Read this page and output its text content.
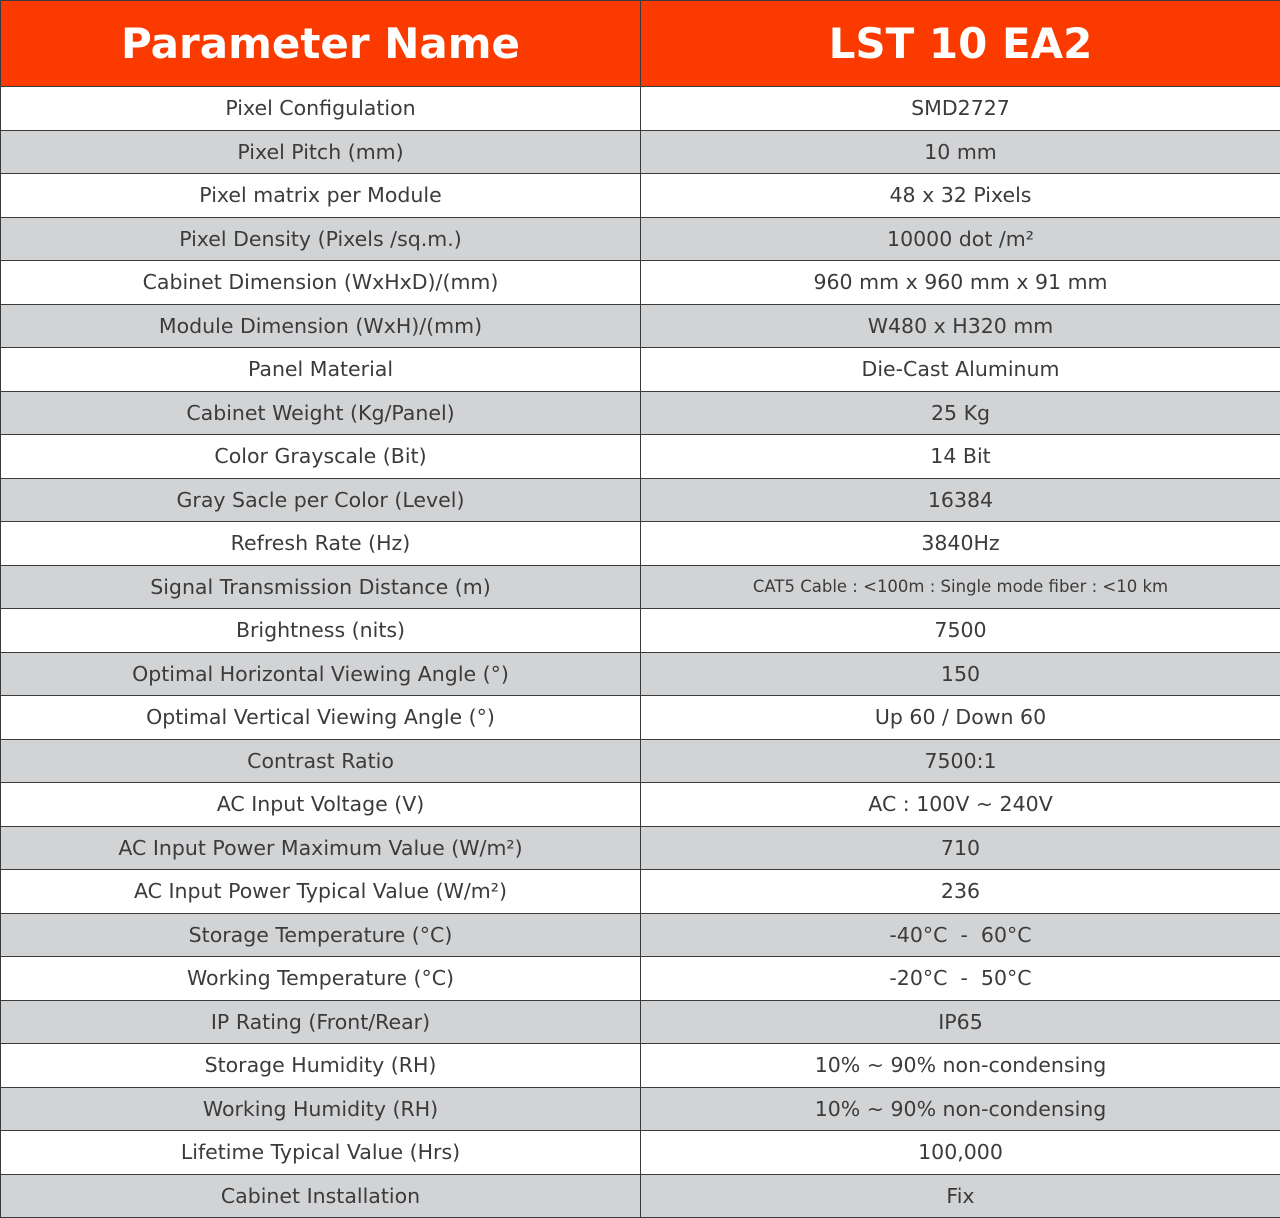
Parameter Name	LST 10 EA2
Pixel Configulation	SMD2727
Pixel Pitch (mm)	10 mm
Pixel matrix per Module	48 x 32 Pixels
Pixel Density (Pixels /sq.m.)	10000 dot /m²
Cabinet Dimension (WxHxD)/(mm)	960 mm x 960 mm x 91 mm
Module Dimension (WxH)/(mm)	W480 x H320 mm
Panel Material	Die-Cast Aluminum
Cabinet Weight (Kg/Panel)	25 Kg
Color Grayscale (Bit)	14 Bit
Gray Sacle per Color (Level)	16384
Refresh Rate (Hz)	3840Hz
Signal Transmission Distance (m)	CAT5 Cable : <100m : Single mode fiber : <10 km
Brightness (nits)	7500
Optimal Horizontal Viewing Angle (°)	150
Optimal Vertical Viewing Angle (°)	Up 60 / Down 60
Contrast Ratio	7500:1
AC Input Voltage (V)	AC : 100V ~ 240V
AC Input Power Maximum Value (W/m²)	710
AC Input Power Typical Value (W/m²)	236
Storage Temperature (°C)	-40°C  -  60°C
Working Temperature (°C)	-20°C  -  50°C
IP Rating (Front/Rear)	IP65
Storage Humidity (RH)	10% ~ 90% non-condensing
Working Humidity (RH)	10% ~ 90% non-condensing
Lifetime Typical Value (Hrs)	100,000
Cabinet Installation	Fix
